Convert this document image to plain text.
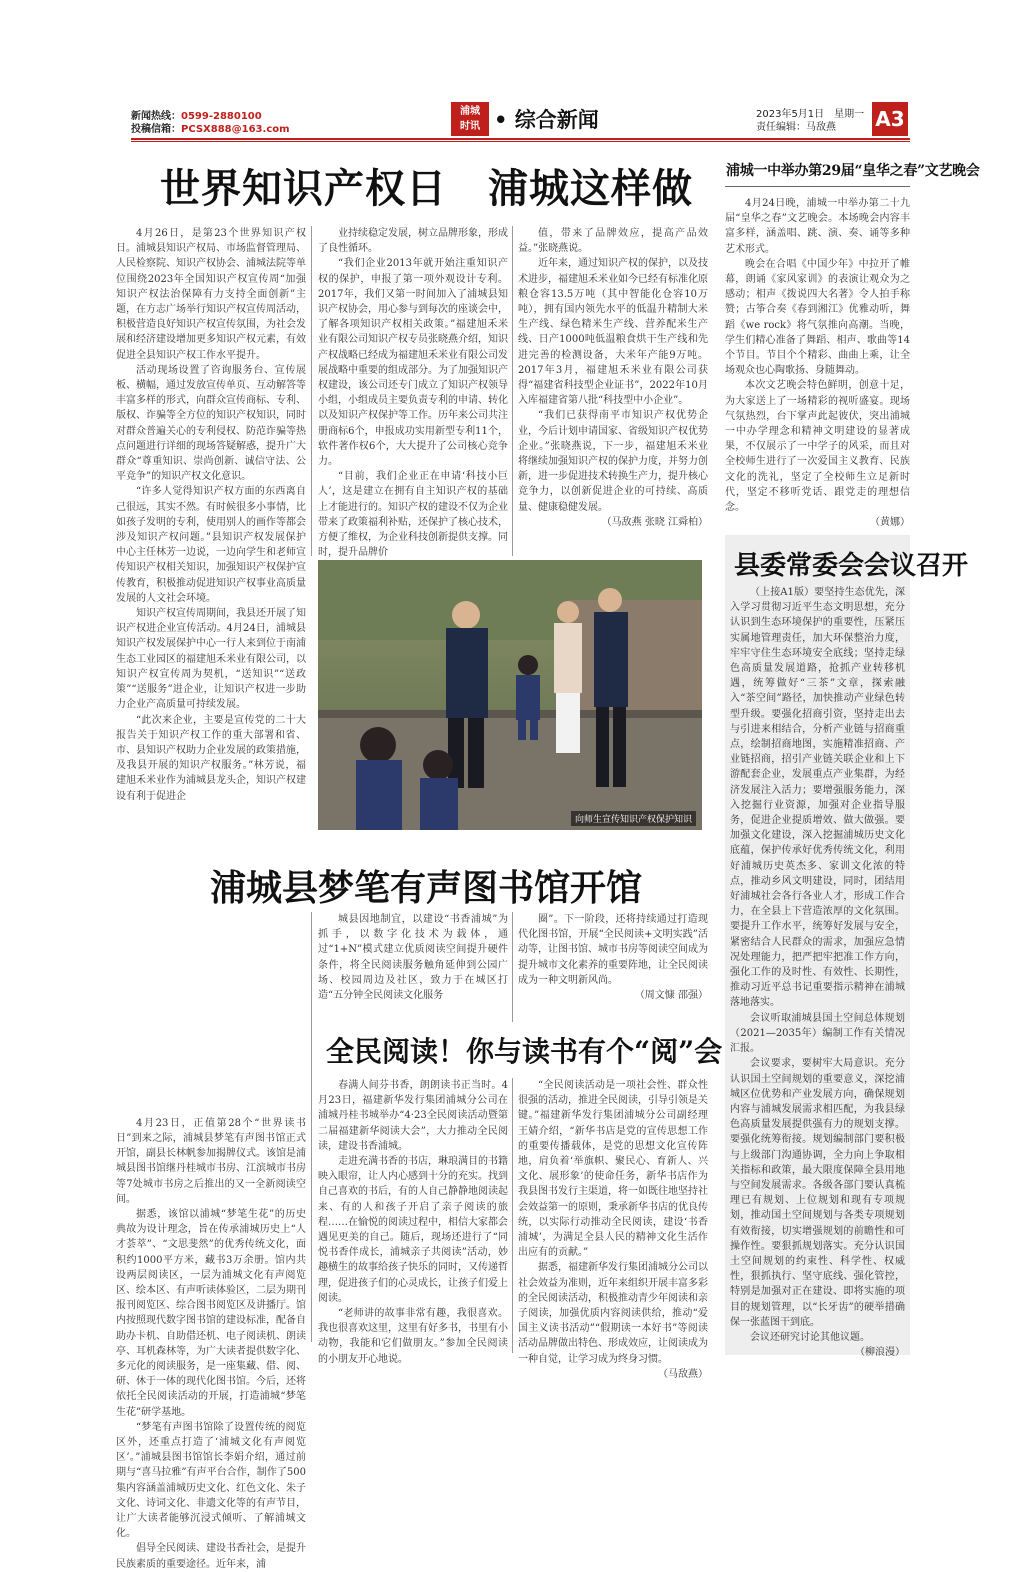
新闻热线：0599-2880100
投稿信箱：PCSX888@163.com
浦城
时讯 • 综合新闻	2023年5月1日　星期一
责任编辑：马敌燕	A3
世界知识产权日　浦城这样做

4月26日，是第23个世界知识产权日。浦城县知识产权局、市场监督管理局、人民检察院、知识产权协会、浦城法院等单位围绕2023年全国知识产权宣传周“加强知识产权法治保障有力支持全面创新”主题，在方志广场举行知识产权宣传周活动，积极营造良好知识产权宣传氛围，为社会发展和经济建设增加更多知识产权元素，有效促进全县知识产权工作水平提升。

活动现场设置了咨询服务台、宣传展板、横幅，通过发放宣传单页、互动解答等丰富多样的形式，向群众宣传商标、专利、版权、诈骗等全方位的知识产权知识，同时对群众普遍关心的专利侵权、防范诈骗等热点问题进行详细的现场答疑解惑，提升广大群众“尊重知识、崇尚创新、诚信守法、公平竞争”的知识产权文化意识。

“许多人觉得知识产权方面的东西离自己很远，其实不然。有时候很多小事情，比如孩子发明的专利，使用别人的画作等都会涉及知识产权问题。”县知识产权发展保护中心主任林芳一边说，一边向学生和老师宣传知识产权相关知识，加强知识产权保护宣传教育，积极推动促进知识产权事业高质量发展的人文社会环境。

知识产权宣传周期间，我县还开展了知识产权进企业宣传活动。4月24日，浦城县知识产权发展保护中心一行人来到位于南浦生态工业园区的福建旭禾米业有限公司，以知识产权宣传周为契机，“送知识”“送政策”“送服务”进企业，让知识产权进一步助力企业产高质量可持续发展。

“此次来企业，主要是宣传党的二十大报告关于知识产权工作的重大部署和省、市、县知识产权助力企业发展的政策措施，及我县开展的知识产权服务。”林芳说，福建旭禾米业作为浦城县龙头企，知识产权建设有利于促进企

4月23日，正值第28个“世界读书日”到来之际，浦城县梦笔有声图书馆正式开馆，副县长林帆参加揭牌仪式。该馆是浦城县图书馆继丹桂城市书房、江滨城市书房等7处城市书房之后推出的又一全新阅读空间。

据悉，该馆以浦城“梦笔生花”的历史典故为设计理念，旨在传承浦城历史上“人才荟萃”、“文思斐然”的优秀传统文化，面积约1000平方米，藏书3万余册。馆内共设两层阅读区，一层为浦城文化有声阅览区、绘本区、有声听读体验区，二层为期刊报刊阅览区、综合图书阅览区及讲播厅。馆内按照现代数字图书馆的建设标准，配备自助办卡机、自助借还机、电子阅读机、朗读亭、耳机森林等，为广大读者提供数字化、多元化的阅读服务，是一座集藏、借、阅、研、休于一体的现代化图书馆。今后，还将依托全民阅读活动的开展，打造浦城“梦笔生花”研学基地。

“梦笔有声图书馆除了设置传统的阅览区外，还重点打造了‘浦城文化有声阅览区’。”浦城县图书馆馆长李娟介绍，通过前期与“喜马拉雅”有声平台合作，制作了500集内容涵盖浦城历史文化、红色文化、朱子文化、诗词文化、非遗文化等的有声节目，让广大读者能够沉浸式倾听、了解浦城文化。

倡导全民阅读、建设书香社会，是提升民族素质的重要途径。近年来，浦

业持续稳定发展，树立品牌形象，形成了良性循环。

“我们企业2013年就开始注重知识产权的保护，申报了第一项外观设计专利。2017年，我们又第一时间加入了浦城县知识产权协会，用心参与到每次的座谈会中，了解各项知识产权相关政策。”福建旭禾米业有限公司知识产权专员张晓燕介绍，知识产权战略已经成为福建旭禾米业有限公司发展战略中重要的组成部分。为了加强知识产权建设，该公司还专门成立了知识产权领导小组，小组成员主要负责专利的申请、转化以及知识产权保护等工作。历年来公司共注册商标6个，申报成功实用新型专利11个，软件著作权6个，大大提升了公司核心竞争力。

“目前，我们企业正在申请‘科技小巨人’，这是建立在拥有自主知识产权的基础上才能进行的。知识产权的建设不仅为企业带来了政策福利补贴，还保护了核心技术，方便了维权，为企业科技创新提供支撑。同时，提升品牌价

值，带来了品牌效应，提高产品效益。”张晓燕说。

近年来，通过知识产权的保护，以及技术进步，福建旭禾米业如今已经有标准化原粮仓容13.5万吨（其中智能化仓容10万吨），拥有国内领先水平的低温升精制大米生产线、绿色精米生产线、营养配米生产线、日产1000吨低温粮食烘干生产线和先进完善的检测设备，大米年产能9万吨。2017年3月，福建旭禾米业有限公司获得“福建省科技型企业证书”，2022年10月入库福建省第八批“科技型中小企业”。

“我们已获得南平市知识产权优势企业，今后计划申请国家、省级知识产权优势企业。”张晓燕说，下一步，福建旭禾米业将继续加强知识产权的保护力度，并努力创新，进一步促进技术转换生产力，提升核心竞争力，以创新促进企业的可持续、高质量、健康稳健发展。

（马敌燕 张晓 江舜柏）

向师生宣传知识产权保护知识
浦城县梦笔有声图书馆开馆

城县因地制宜，以建设“书香浦城”为抓手，以数字化技术为载体，通过“1+N”模式建立优质阅读空间提升硬件条件，将全民阅读服务触角延伸到公园广场、校园周边及社区，致力于在城区打造“五分钟全民阅读文化服务

圈”。下一阶段，还将持续通过打造现代化图书馆，开展“全民阅读+文明实践”活动等，让图书馆、城市书房等阅读空间成为提升城市文化素养的重要阵地，让全民阅读成为一种文明新风尚。

（周文慷 邵强）

全民阅读！你与读书有个“阅”会

春满人间芬书香，朗朗读书正当时。4月23日，福建新华发行集团浦城分公司在浦城丹桂书城举办“4·23全民阅读活动暨第二届福建新华阅读大会”，大力推动全民阅读，建设书香浦城。

走进充满书香的书店，琳琅满目的书籍映入眼帘，让人内心感到十分的充实。找到自己喜欢的书后，有的人自己静静地阅读起来、有的人和孩子开启了亲子阅读的旅程……在愉悦的阅读过程中，相信大家都会遇见更美的自己。随后，现场还进行了“同悦书香伴成长，浦城亲子共阅读”活动，妙趣横生的故事给孩子快乐的同时，又传递哲理，促进孩子们的心灵成长，让孩子们爱上阅读。

“老师讲的故事非常有趣，我很喜欢。我也很喜欢这里，这里有好多书，书里有小动物，我能和它们做朋友。”参加全民阅读的小朋友开心地说。

“全民阅读活动是一项社会性、群众性很强的活动，推进全民阅读，引导引领是关键。”福建新华发行集团浦城分公司副经理王婧介绍，“新华书店是党的宣传思想工作的重要传播载体，是党的思想文化宣传阵地，肩负着‘举旗帜、聚民心、育新人、兴文化、展形象’的使命任务，新华书店作为我县图书发行主渠道，将一如既往地坚持社会效益第一的原则，秉承新华书店的优良传统，以实际行动推动全民阅读，建设‘书香浦城’，为满足全县人民的精神文化生活作出应有的贡献。”

据悉，福建新华发行集团浦城分公司以社会效益为准则，近年来组织开展丰富多彩的全民阅读活动，积极推动青少年阅读和亲子阅读，加强优质内容阅读供给，推动“爱国主义读书活动”“假期读一本好书”等阅读活动品牌做出特色、形成效应，让阅读成为一种自觉，让学习成为终身习惯。

（马敌燕）

浦城一中举办第29届“皇华之春”文艺晚会

4月24日晚，浦城一中举办第二十九届“皇华之春”文艺晚会。本场晚会内容丰富多样，涵盖唱、跳、演、奏、诵等多种艺术形式。

晚会在合唱《中国少年》中拉开了帷幕，朗诵《家风家训》的表演让观众为之感动；相声《拨说四大名著》令人拍手称赞；古筝合奏《春到湘江》优雅动听，舞蹈《we rock》将气氛推向高潮。当晚，学生们精心准备了舞蹈、相声、歌曲等14个节目。节目个个精彩、曲曲上乘，让全场观众也心陶歌扬、身随舞动。

本次文艺晚会特色鲜明，创意十足，为大家送上了一场精彩的视听盛宴。现场气氛热烈，台下掌声此起彼伏，突出浦城一中办学理念和精神文明建设的显著成果，不仅展示了一中学子的风采，而且对全校师生进行了一次爱国主义教育、民族文化的洗礼，坚定了全校师生立足新时代，坚定不移听党话、跟党走的理想信念。

（黄娜）

县委常委会会议召开

（上接A1版）要坚持生态优先，深入学习贯彻习近平生态文明思想，充分认识到生态环境保护的重要性，压紧压实属地管理责任，加大环保整治力度，牢牢守住生态环境安全底线；坚持走绿色高质量发展道路，抢抓产业转移机遇，统筹做好“三茶”文章，探索融入“茶空间”路径，加快推动产业绿色转型升级。要强化招商引资，坚持走出去与引进来相结合，分析产业链与招商重点，绘制招商地图，实施精准招商、产业链招商，招引产业链关联企业和上下游配套企业，发展重点产业集群，为经济发展注入活力；要增强服务能力，深入挖掘行业资源，加强对企业指导服务，促进企业提质增效、做大做强。要加强文化建设，深入挖掘浦城历史文化底蕴，保护传承好优秀传统文化，利用好浦城历史英杰多、家训文化浓的特点，推动乡风文明建设，同时，团结用好浦城社会各行各业人才，形成工作合力，在全县上下营造浓厚的文化氛围。要提升工作水平，统筹好发展与安全，紧密结合人民群众的需求，加强应急情况处理能力，把严把牢把准工作方向，强化工作的及时性、有效性、长期性，推动习近平总书记重要指示精神在浦城落地落实。

会议听取浦城县国土空间总体规划（2021—2035年）编制工作有关情况汇报。

会议要求，要树牢大局意识。充分认识国土空间规划的重要意义，深挖浦城区位优势和产业发展方向，确保规划内容与浦城发展需求相匹配，为我县绿色高质量发展提供强有力的规划支撑。要强化统筹衔接。规划编制部门要积极与上级部门沟通协调，全力向上争取相关指标和政策，最大限度保障全县用地与空间发展需求。各级各部门要认真梳理已有规划、上位规划和现有专项规划，推动国土空间规划与各类专项规划有效衔接，切实增强规划的前瞻性和可操作性。要狠抓规划落实。充分认识国土空间规划的约束性、科学性、权威性，狠抓执行、坚守底线、强化管控，特别是加强对正在建设、即将实施的项目的规划管理，以“长牙齿”的硬举措确保一张蓝图干到底。

会议还研究讨论其他议题。

（柳浪漫）
